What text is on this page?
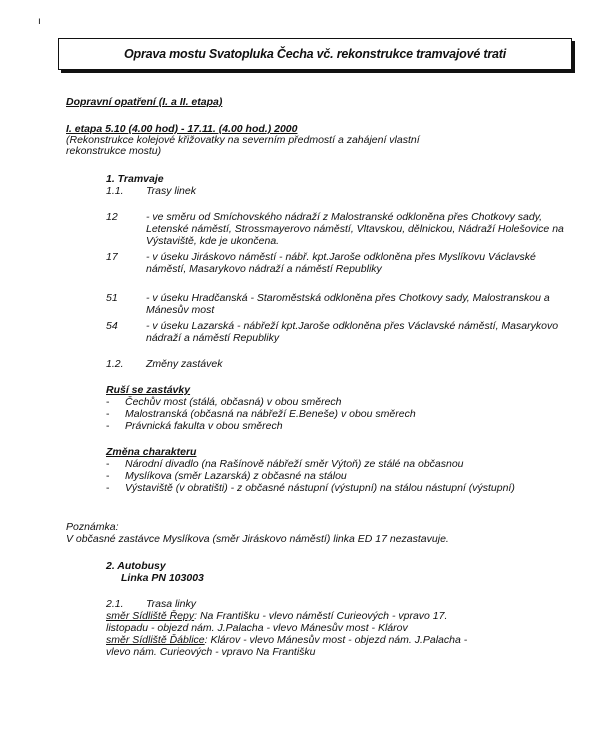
ı
Oprava mostu Svatopluka Čecha vč. rekonstrukce tramvajové trati
Dopravní opatření (I. a II. etapa)
I. etapa 5.10 (4.00 hod) - 17.11. (4.00 hod.) 2000
(Rekonstrukce kolejové křižovatky na severním předmostí a zahájení vlastní
rekonstrukce mostu)
1. Tramvaje
1.1. Trasy linek
12	- ve směru od Smíchovského nádraží z Malostranské odkloněna přes Chotkovy sady, Letenské náměstí, Strossmayerovo náměstí, Vltavskou, dělnickou, Nádraží Holešovice na Výstaviště, kde je ukončena.
17	- v úseku Jiráskovo náměstí - nábř. kpt.Jaroše odkloněna přes Myslíkovu Václavské náměstí, Masarykovo nádraží a náměstí Republiky
51	- v úseku Hradčanská - Staroměstská odkloněna přes Chotkovy sady, Malostranskou a Mánesův most
54	- v úseku Lazarská - nábřeží kpt.Jaroše odkloněna přes Václavské náměstí, Masarykovo nádraží a náměstí Republiky
1.2. Změny zastávek
Ruší se zastávky
- Čechův most (stálá, občasná) v obou směrech
- Malostranská (občasná na nábřeží E.Beneše) v obou směrech
- Právnická fakulta v obou směrech
Změna charakteru
- Národní divadlo (na Rašínově nábřeží směr Výtoň) ze stálé na občasnou
- Myslíkova (směr Lazarská) z občasné na stálou
- Výstaviště (v obratišti) - z občasné nástupní (výstupní) na stálou nástupní (výstupní)
Poznámka:
V občasné zastávce Myslíkova (směr Jiráskovo náměstí) linka ED 17 nezastavuje.
2. Autobusy
Linka PN 103003
2.1. Trasa linky
směr Sídliště Řepy: Na Františku - vlevo náměstí Curieových - vpravo 17.
listopadu - objezd nám. J.Palacha - vlevo Mánesův most - Klárov
směr Sídliště Ďáblice: Klárov - vlevo Mánesův most - objezd nám. J.Palacha -
vlevo nám. Curieových - vpravo Na Františku
